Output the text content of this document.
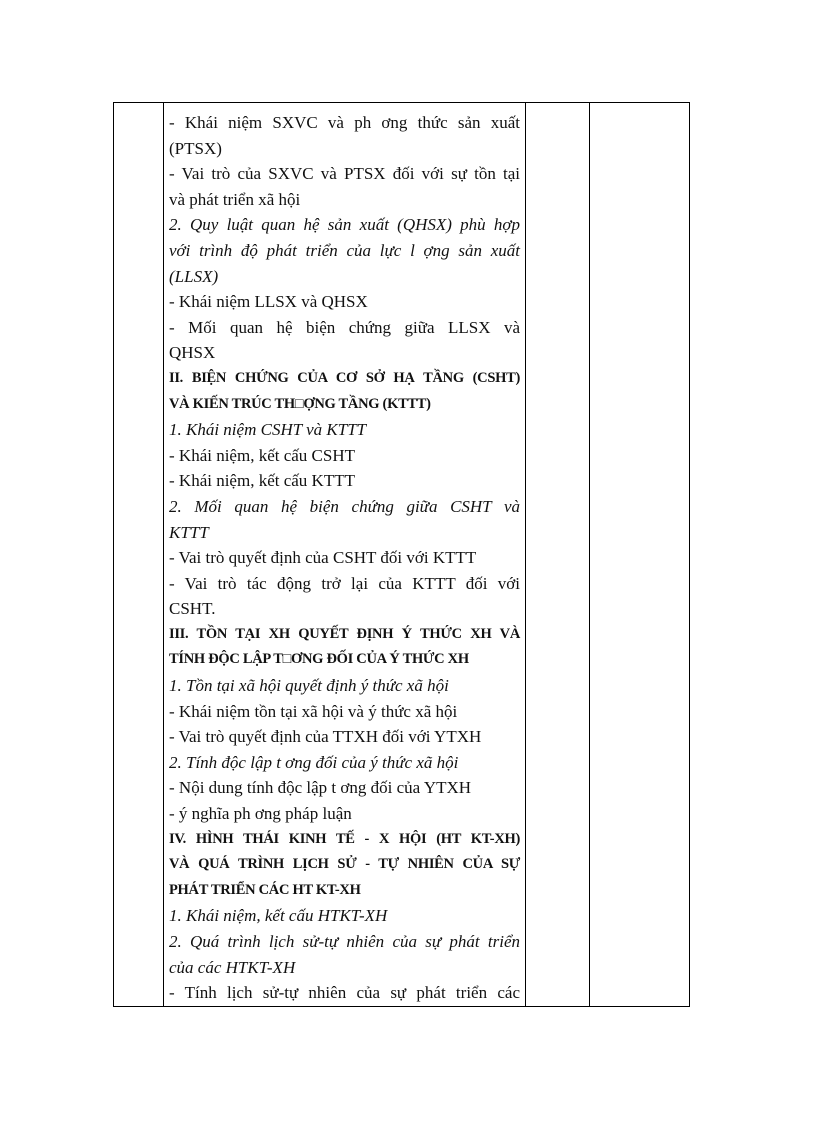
- Khái niệm SXVC và ph ơng thức sản xuất
(PTSX)
- Vai trò của SXVC và PTSX đối với sự tồn tại
và phát triển xã hội
2. Quy luật quan hệ sản xuất (QHSX) phù hợp
với trình độ phát triển của lực l ợng sản xuất
(LLSX)
- Khái niệm LLSX và QHSX
- Mối quan hệ biện chứng giữa LLSX và
QHSX
II. BIỆN CHỨNG CỦA CƠ SỞ HẠ TẦNG (CSHT)
VÀ KIẾN TRÚC TH□ỢNG TẦNG (KTTT)
1. Khái niệm CSHT và KTTT
- Khái niệm, kết cấu CSHT
- Khái niệm, kết cấu KTTT
2. Mối quan hệ biện chứng giữa CSHT và
KTTT
- Vai trò quyết định của CSHT đối với KTTT
- Vai trò tác động trở lại của KTTT đối với
CSHT.
III. TỒN TẠI XH QUYẾT ĐỊNH Ý THỨC XH VÀ
TÍNH ĐỘC LẬP T□ƠNG ĐỐI CỦA Ý THỨC XH
1. Tồn tại xã hội quyết định ý thức xã hội
- Khái niệm tồn tại xã hội và ý thức xã hội
- Vai trò quyết định của TTXH đối với YTXH
2. Tính độc lập t ơng đối của ý thức xã hội
- Nội dung tính độc lập t ơng đối của YTXH
- ý nghĩa ph ơng pháp luận
IV. HÌNH THÁI KINH TẾ - X HỘI (HT KT-XH)
VÀ QUÁ TRÌNH LỊCH SỬ - TỰ NHIÊN CỦA SỰ
PHÁT TRIỂN CÁC HT KT-XH
1. Khái niệm, kết cấu HTKT-XH
2. Quá trình lịch sử-tự nhiên của sự phát triển
của các HTKT-XH
- Tính lịch sử-tự nhiên của sự phát triển các
